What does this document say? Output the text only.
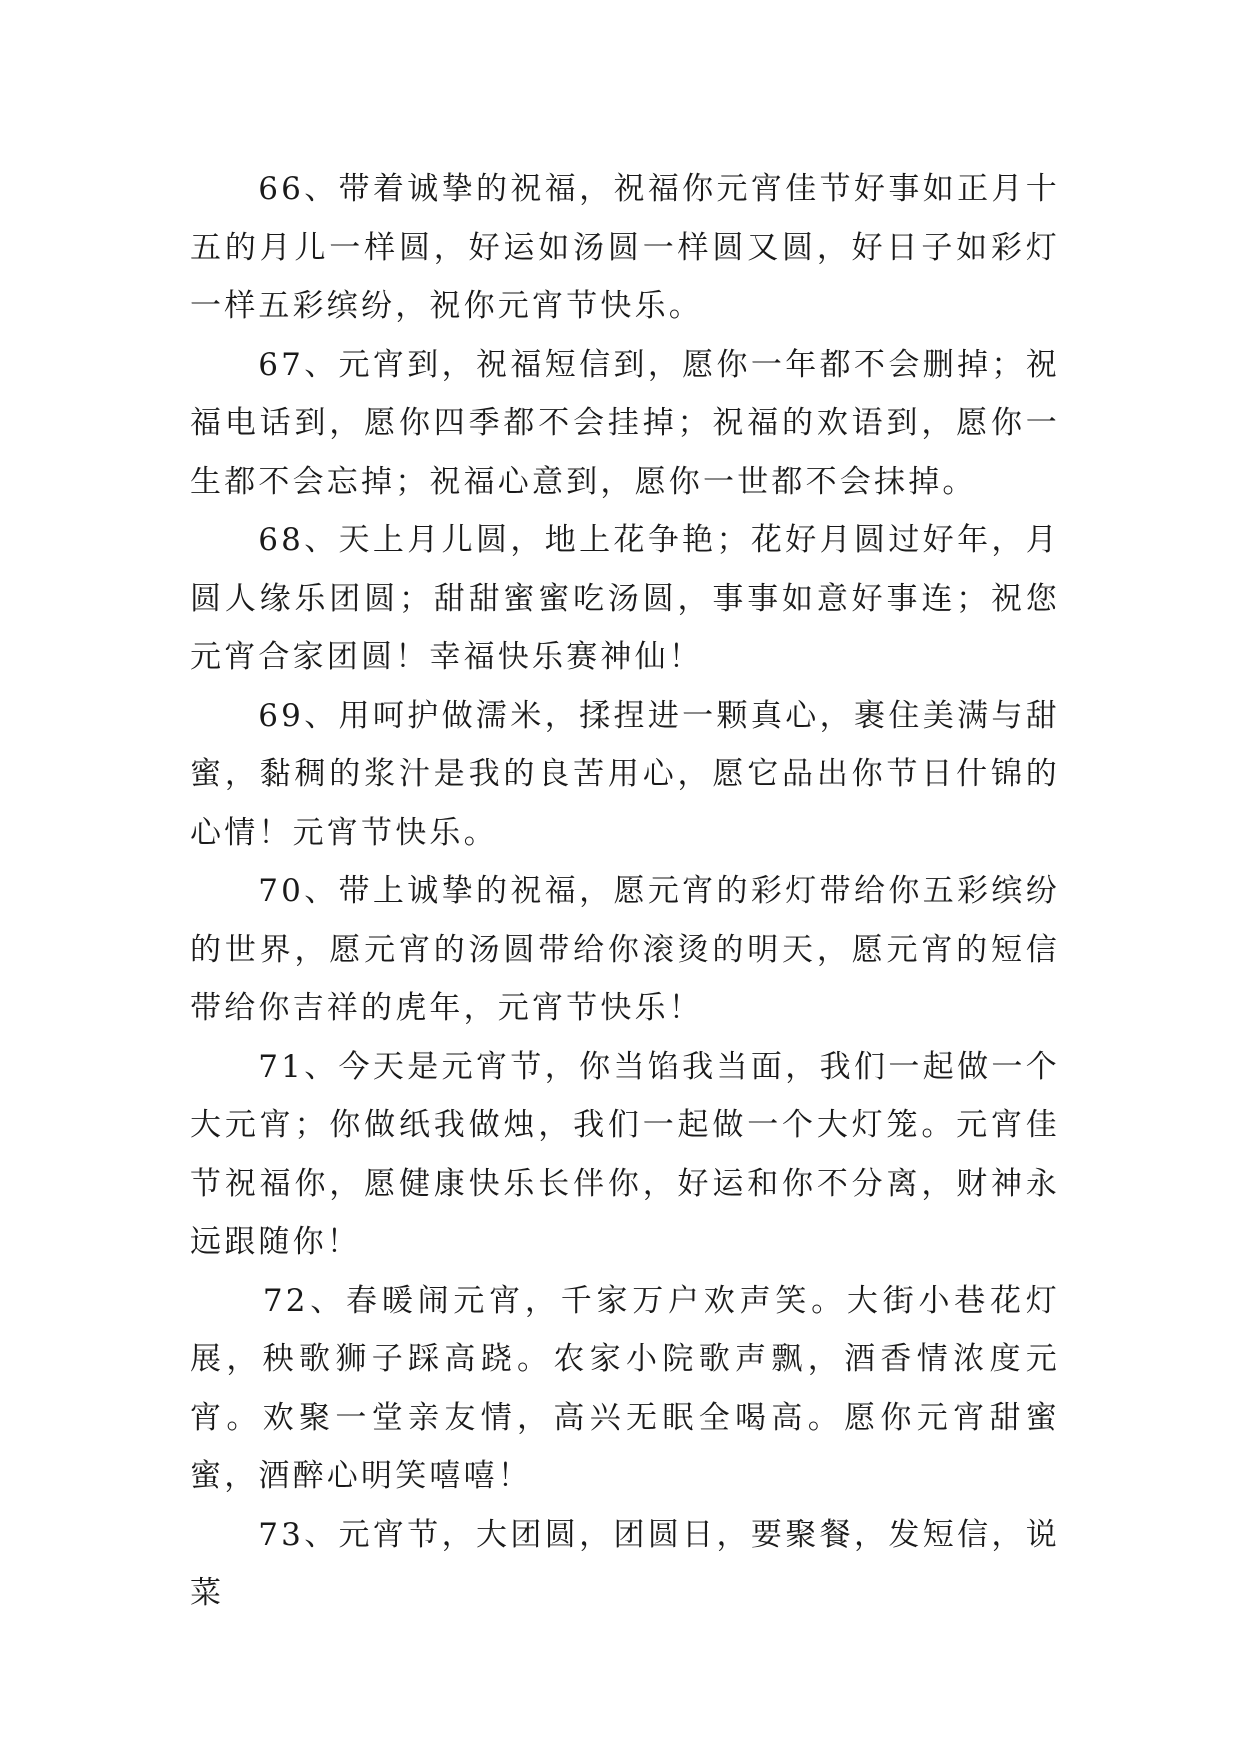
66、带着诚挚的祝福，祝福你元宵佳节好事如正月十五的月儿一样圆，好运如汤圆一样圆又圆，好日子如彩灯一样五彩缤纷，祝你元宵节快乐。

67、元宵到，祝福短信到，愿你一年都不会删掉；祝福电话到，愿你四季都不会挂掉；祝福的欢语到，愿你一生都不会忘掉；祝福心意到，愿你一世都不会抹掉。

68、天上月儿圆，地上花争艳；花好月圆过好年，月圆人缘乐团圆；甜甜蜜蜜吃汤圆，事事如意好事连；祝您元宵合家团圆！幸福快乐赛神仙！

69、用呵护做濡米，揉捏进一颗真心，裹住美满与甜蜜，黏稠的浆汁是我的良苦用心，愿它品出你节日什锦的心情！元宵节快乐。

70、带上诚挚的祝福，愿元宵的彩灯带给你五彩缤纷的世界，愿元宵的汤圆带给你滚烫的明天，愿元宵的短信带给你吉祥的虎年，元宵节快乐！

71、今天是元宵节，你当馅我当面，我们一起做一个大元宵；你做纸我做烛，我们一起做一个大灯笼。元宵佳节祝福你，愿健康快乐长伴你，好运和你不分离，财神永远跟随你！

72、春暖闹元宵，千家万户欢声笑。大街小巷花灯展，秧歌狮子踩高跷。农家小院歌声飘，酒香情浓度元宵。欢聚一堂亲友情，高兴无眠全喝高。愿你元宵甜蜜蜜，酒醉心明笑嘻嘻！

73、元宵节，大团圆，团圆日，要聚餐，发短信，说菜
